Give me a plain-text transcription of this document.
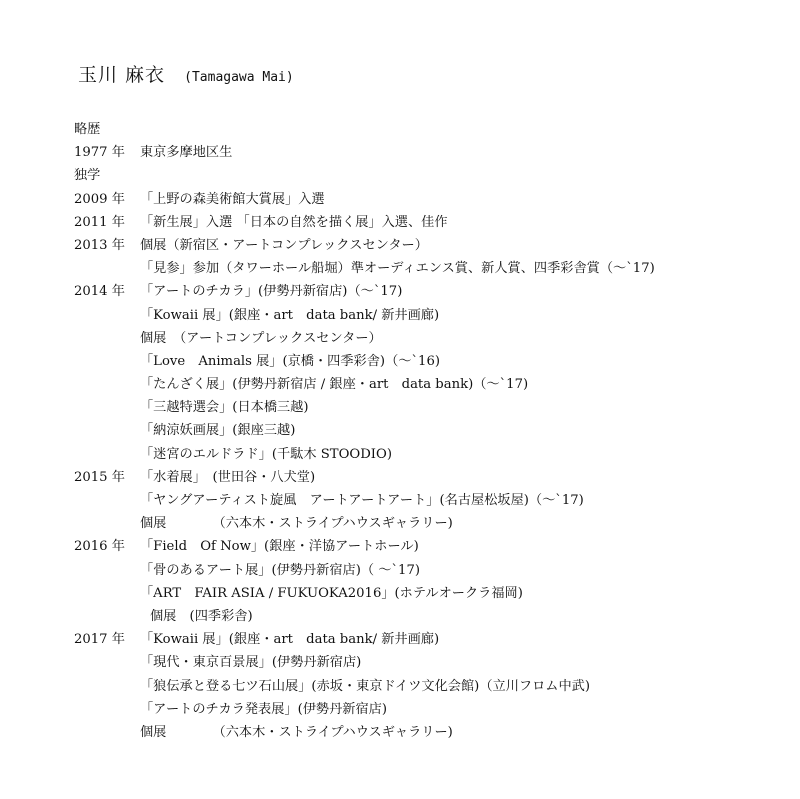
玉川 麻衣 (Tamagawa Mai)
略歴
1977 年 東京多摩地区生
独学
2009 年 「上野の森美術館大賞展」入選
2011 年 「新生展」入選 「日本の自然を描く展」入選、佳作
2013 年 個展（新宿区・アートコンプレックスセンター）
「見参」参加（タワーホール船堀）準オーディエンス賞、新人賞、四季彩舎賞（～`17)
2014 年 「アートのチカラ」(伊勢丹新宿店)（～`17)
「Kowaii 展」(銀座・art　data bank/ 新井画廊)
個展　（アートコンプレックスセンター）
「Love　Animals 展」(京橋・四季彩舎)（～`16)
「たんざく展」(伊勢丹新宿店 / 銀座・art　data bank)（～`17)
「三越特選会」(日本橋三越)
「納涼妖画展」(銀座三越)
「迷宮のエルドラド」(千駄木 STOODIO)
2015 年 「水着展」　(世田谷・八犬堂)
「ヤングアーティスト旋風　アートアートアート」(名古屋松坂屋)（～`17)
個展　　　　（六本木・ストライプハウスギャラリー)
2016 年 「Field　Of Now」(銀座・洋協アートホール)
「骨のあるアート展」(伊勢丹新宿店)（ ～`17)
「ART　FAIR ASIA / FUKUOKA2016」(ホテルオークラ福岡)
個展　(四季彩舎)
2017 年 「Kowaii 展」(銀座・art　data bank/ 新井画廊)
「現代・東京百景展」(伊勢丹新宿店)
「狼伝承と登る七ツ石山展」(赤坂・東京ドイツ文化会館)（立川フロム中武)
「アートのチカラ発表展」(伊勢丹新宿店)
個展　　　　（六本木・ストライプハウスギャラリー)
